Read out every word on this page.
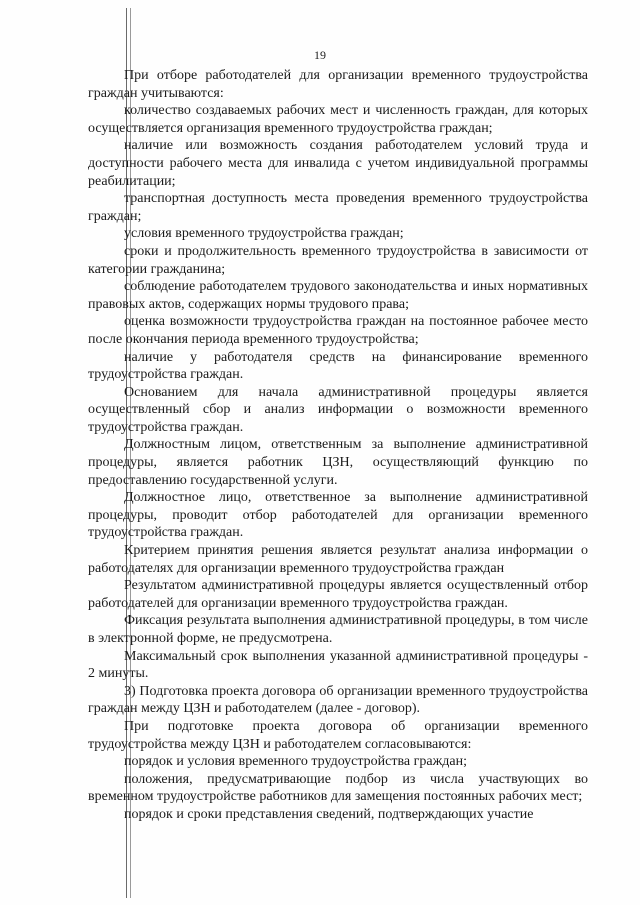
19

При отборе работодателей для организации временного трудоустройства граждан учитываются:

количество создаваемых рабочих мест и численность граждан, для которых осуществляется организация временного трудоустройства граждан;

наличие или возможность создания работодателем условий труда и доступности рабочего места для инвалида с учетом индивидуальной программы реабилитации;

транспортная доступность места проведения временного трудоустройства граждан;

условия временного трудоустройства граждан;

сроки и продолжительность временного трудоустройства в зависимости от категории гражданина;

соблюдение работодателем трудового законодательства и иных нормативных правовых актов, содержащих нормы трудового права;

оценка возможности трудоустройства граждан на постоянное рабочее место после окончания периода временного трудоустройства;

наличие у работодателя средств на финансирование временного трудоустройства граждан.

Основанием для начала административной процедуры является осуществленный сбор и анализ информации о возможности временного трудоустройства граждан.

Должностным лицом, ответственным за выполнение административной процедуры, является работник ЦЗН, осуществляющий функцию по предоставлению государственной услуги.

Должностное лицо, ответственное за выполнение административной процедуры, проводит отбор работодателей для организации временного трудоустройства граждан.

Критерием принятия решения является результат анализа информации о работодателях для организации временного трудоустройства граждан

Результатом административной процедуры является осуществленный отбор работодателей для организации временного трудоустройства граждан.

Фиксация результата выполнения административной процедуры, в том числе в электронной форме, не предусмотрена.

Максимальный срок выполнения указанной административной процедуры - 2 минуты.

3) Подготовка проекта договора об организации временного трудоустройства граждан между ЦЗН и работодателем (далее - договор).

При подготовке проекта договора об организации временного трудоустройства между ЦЗН и работодателем согласовываются:

порядок и условия временного трудоустройства граждан;

положения, предусматривающие подбор из числа участвующих во временном трудоустройстве работников для замещения постоянных рабочих мест;

порядок и сроки представления сведений, подтверждающих участие
